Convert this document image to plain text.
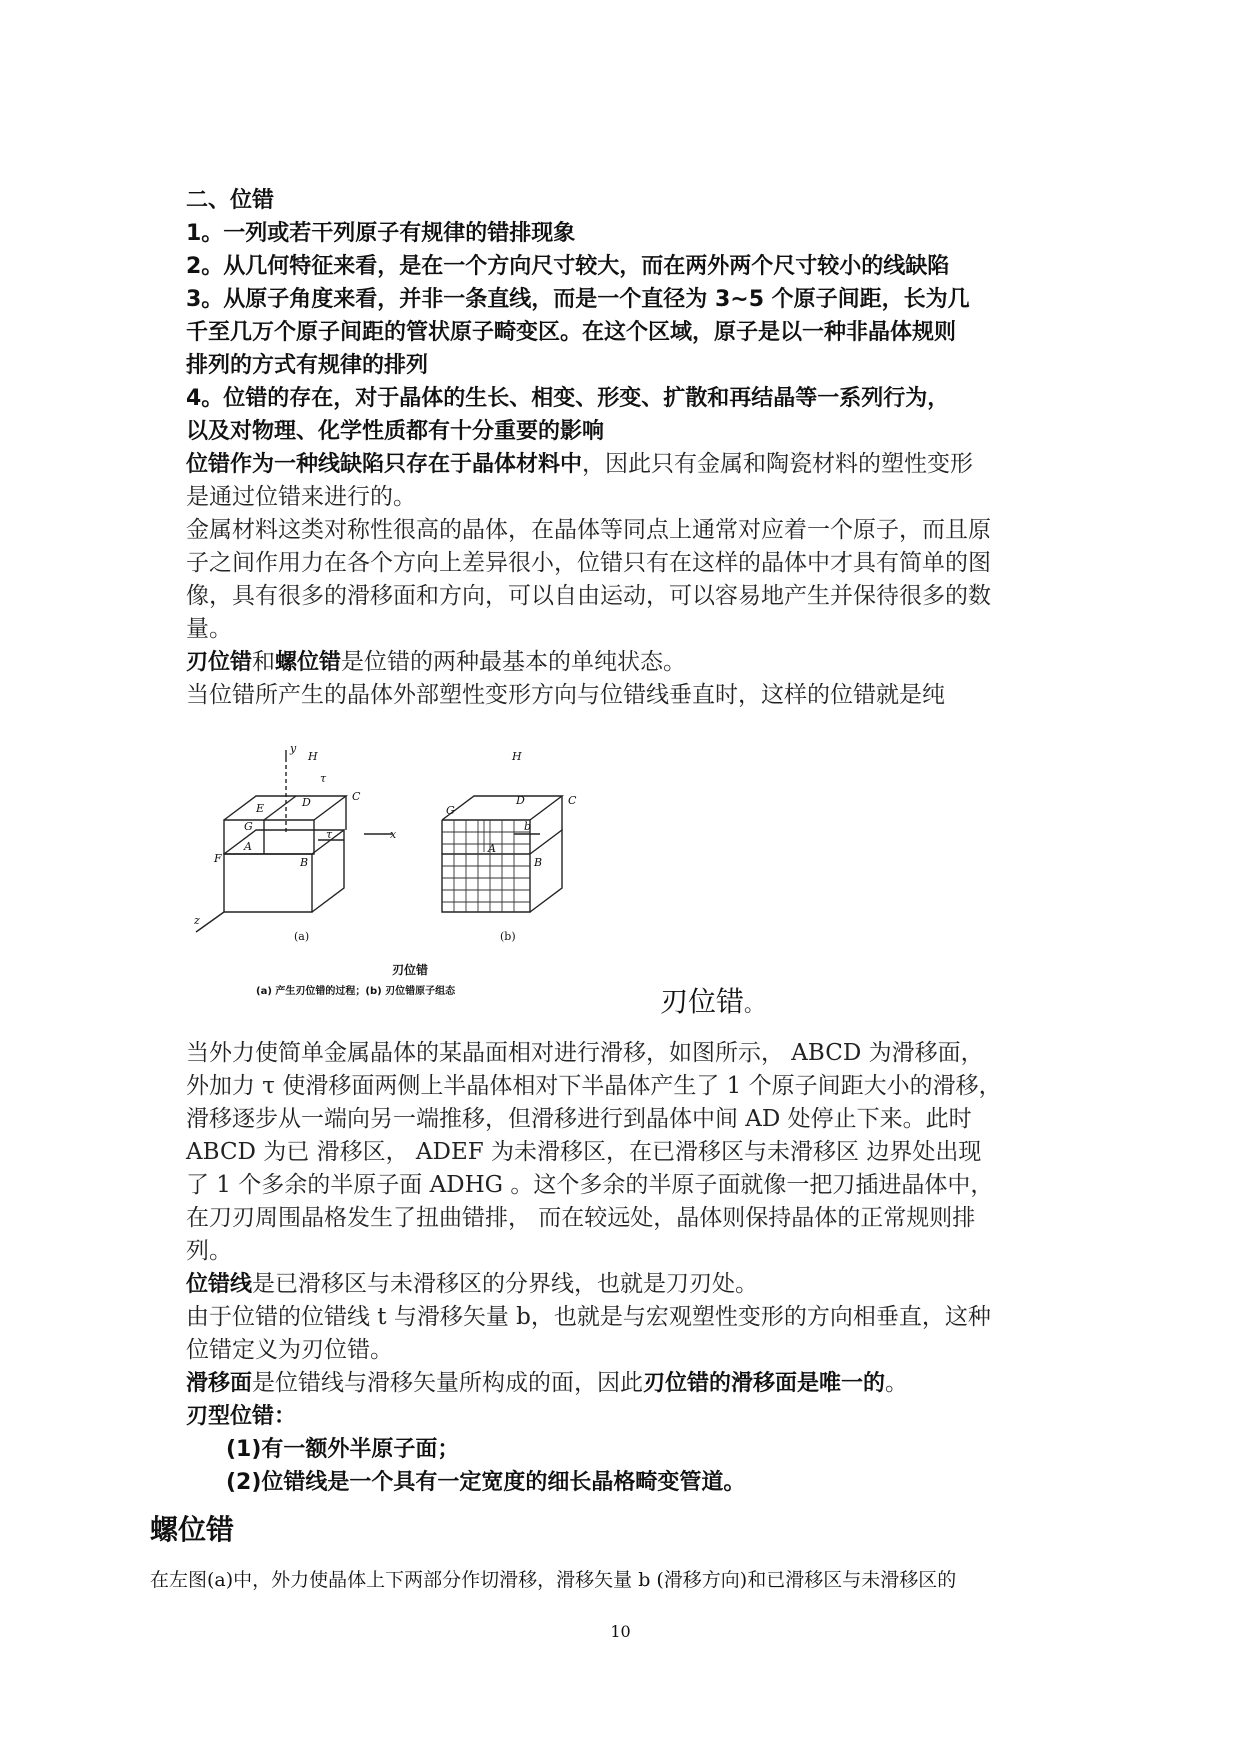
二、位错
1。一列或若干列原子有规律的错排现象
2。从几何特征来看，是在一个方向尺寸较大，而在两外两个尺寸较小的线缺陷
3。从原子角度来看，并非一条直线，而是一个直径为 3~5 个原子间距，长为几
千至几万个原子间距的管状原子畸变区。在这个区域，原子是以一种非晶体规则
排列的方式有规律的排列
4。位错的存在，对于晶体的生长、相变、形变、扩散和再结晶等一系列行为，
以及对物理、化学性质都有十分重要的影响
位错作为一种线缺陷只存在于晶体材料中，因此只有金属和陶瓷材料的塑性变形
是通过位错来进行的。
金属材料这类对称性很高的晶体，在晶体等同点上通常对应着一个原子，而且原
子之间作用力在各个方向上差异很小，位错只有在这样的晶体中才具有简单的图
像，具有很多的滑移面和方向，可以自由运动，可以容易地产生并保待很多的数
量。
刃位错和螺位错是位错的两种最基本的单纯状态。
当位错所产生的晶体外部塑性变形方向与位错线垂直时，这样的位错就是纯
y
H
τ
E	D	C
G
A
F	B
τ	x
z
H
D	C
G
A
B
b
(a)	(b)
刃位错
(a) 产生刃位错的过程；(b) 刃位错原子组态	刃位错。
当外力使简单金属晶体的某晶面相对进行滑移，如图所示， ABCD 为滑移面，
外加力 τ 使滑移面两侧上半晶体相对下半晶体产生了 1 个原子间距大小的滑移，
滑移逐步从一端向另一端推移，但滑移进行到晶体中间 AD 处停止下来。此时
ABCD 为已 滑移区， ADEF 为未滑移区，在已滑移区与未滑移区 边界处出现
了 1 个多余的半原子面 ADHG 。这个多余的半原子面就像一把刀插进晶体中，
在刀刃周围晶格发生了扭曲错排， 而在较远处，晶体则保持晶体的正常规则排
列。
位错线是已滑移区与未滑移区的分界线，也就是刀刃处。
由于位错的位错线 t 与滑移矢量 b，也就是与宏观塑性变形的方向相垂直，这种
位错定义为刃位错。
滑移面是位错线与滑移矢量所构成的面，因此刃位错的滑移面是唯一的。
刃型位错：
(1)有一额外半原子面；
(2)位错线是一个具有一定宽度的细长晶格畸变管道。
螺位错
在左图(a)中，外力使晶体上下两部分作切滑移，滑移矢量 b (滑移方向)和已滑移区与未滑移区的
10
